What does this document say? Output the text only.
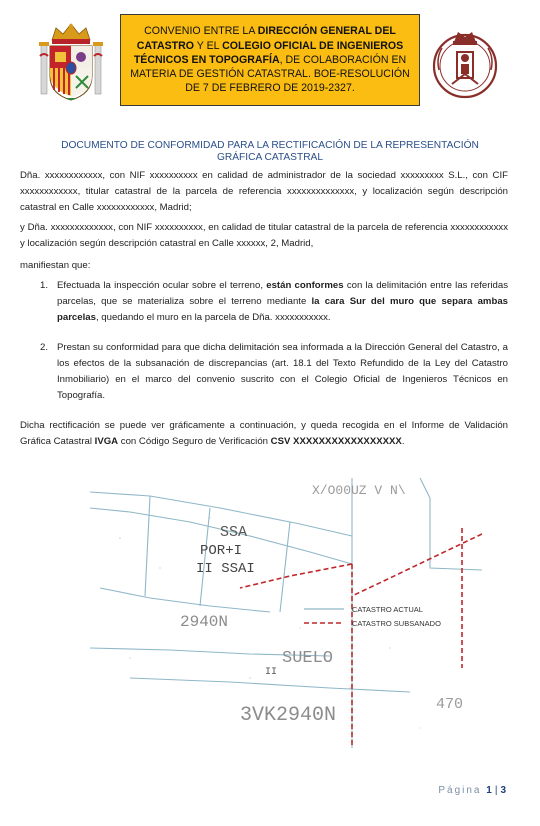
CONVENIO ENTRE LA DIRECCIÓN GENERAL DEL CATASTRO Y EL COLEGIO OFICIAL DE INGENIEROS TÉCNICOS EN TOPOGRAFÍA, DE COLABORACIÓN EN MATERIA DE GESTIÓN CATASTRAL. BOE-RESOLUCIÓN DE 7 DE FEBRERO DE 2019-2327.
DOCUMENTO DE CONFORMIDAD PARA LA RECTIFICACIÓN DE LA REPRESENTACIÓN GRÁFICA CATASTRAL
Dña. xxxxxxxxxxxx, con NIF xxxxxxxxxx en calidad de administrador de la sociedad xxxxxxxxx S.L., con CIF xxxxxxxxxxxx, titular catastral de la parcela de referencia xxxxxxxxxxxxxx, y localización según descripción catastral en Calle xxxxxxxxxxxx, Madrid;
y Dña. xxxxxxxxxxxxx, con NIF xxxxxxxxxx, en calidad de titular catastral de la parcela de referencia xxxxxxxxxxxx y localización según descripción catastral en Calle xxxxxx, 2, Madrid,
manifiestan que:
1. Efectuada la inspección ocular sobre el terreno, están conformes con la delimitación entre las referidas parcelas, que se materializa sobre el terreno mediante la cara Sur del muro que separa ambas parcelas, quedando el muro en la parcela de Dña. xxxxxxxxxxx.
2. Prestan su conformidad para que dicha delimitación sea informada a la Dirección General del Catastro, a los efectos de la subsanación de discrepancias (art. 18.1 del Texto Refundido de la Ley del Catastro Inmobiliario) en el marco del convenio suscrito con el Colegio Oficial de Ingenieros Técnicos en Topografía.
Dicha rectificación se puede ver gráficamente a continuación, y queda recogida en el Informe de Validación Gráfica Catastral IVGA con Código Seguro de Verificación CSV XXXXXXXXXXXXXXXXX.
X/O00UZ V N\
SSA
POR+I
II SSAI
2940N
SUELO
3VK2940N	470
II
CATASTRO ACTUAL
CATASTRO SUBSANADO
Página 1 | 3
